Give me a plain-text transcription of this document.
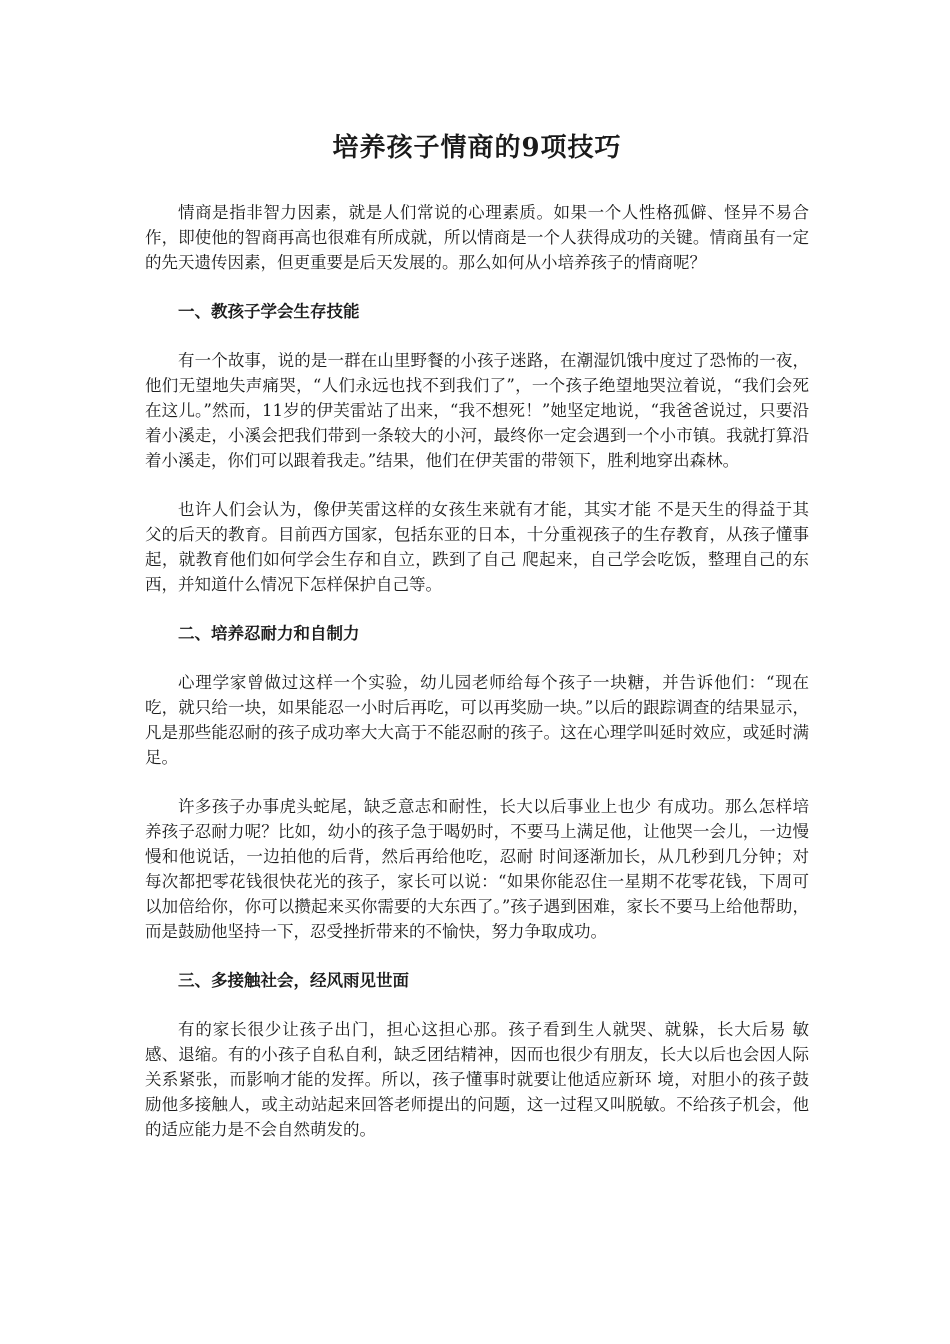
培养孩子情商的9项技巧

情商是指非智力因素，就是人们常说的心理素质。如果一个人性格孤僻、怪异不易合作，即使他的智商再高也很难有所成就，所以情商是一个人获得成功的关键。情商虽有一定的先天遗传因素，但更重要是后天发展的。那么如何从小培养孩子的情商呢？

一、教孩子学会生存技能

有一个故事，说的是一群在山里野餐的小孩子迷路，在潮湿饥饿中度过了恐怖的一夜，他们无望地失声痛哭，“人们永远也找不到我们了”，一个孩子绝望地哭泣着说，“我们会死在这儿。”然而，11岁的伊芙雷站了出来，“我不想死！”她坚定地说，“我爸爸说过，只要沿着小溪走，小溪会把我们带到一条较大的小河，最终你一定会遇到一个小市镇。我就打算沿着小溪走，你们可以跟着我走。”结果，他们在伊芙雷的带领下，胜利地穿出森林。

也许人们会认为，像伊芙雷这样的女孩生来就有才能，其实才能 不是天生的得益于其父的后天的教育。目前西方国家，包括东亚的日本，十分重视孩子的生存教育，从孩子懂事起，就教育他们如何学会生存和自立，跌到了自己 爬起来，自己学会吃饭，整理自己的东西，并知道什么情况下怎样保护自己等。

二、培养忍耐力和自制力

心理学家曾做过这样一个实验，幼儿园老师给每个孩子一块糖，并告诉他们：“现在吃，就只给一块，如果能忍一小时后再吃，可以再奖励一块。”以后的跟踪调查的结果显示，凡是那些能忍耐的孩子成功率大大高于不能忍耐的孩子。这在心理学叫延时效应，或延时满足。

许多孩子办事虎头蛇尾，缺乏意志和耐性，长大以后事业上也少 有成功。那么怎样培养孩子忍耐力呢？比如，幼小的孩子急于喝奶时，不要马上满足他，让他哭一会儿，一边慢慢和他说话，一边拍他的后背，然后再给他吃，忍耐 时间逐渐加长，从几秒到几分钟；对每次都把零花钱很快花光的孩子，家长可以说：“如果你能忍住一星期不花零花钱，下周可以加倍给你，你可以攒起来买你需要的大东西了。”孩子遇到困难，家长不要马上给他帮助，而是鼓励他坚持一下，忍受挫折带来的不愉快，努力争取成功。

三、多接触社会，经风雨见世面

有的家长很少让孩子出门，担心这担心那。孩子看到生人就哭、就躲，长大后易 敏感、退缩。有的小孩子自私自利，缺乏团结精神，因而也很少有朋友，长大以后也会因人际关系紧张，而影响才能的发挥。所以，孩子懂事时就要让他适应新环 境，对胆小的孩子鼓励他多接触人，或主动站起来回答老师提出的问题，这一过程又叫脱敏。不给孩子机会，他的适应能力是不会自然萌发的。
